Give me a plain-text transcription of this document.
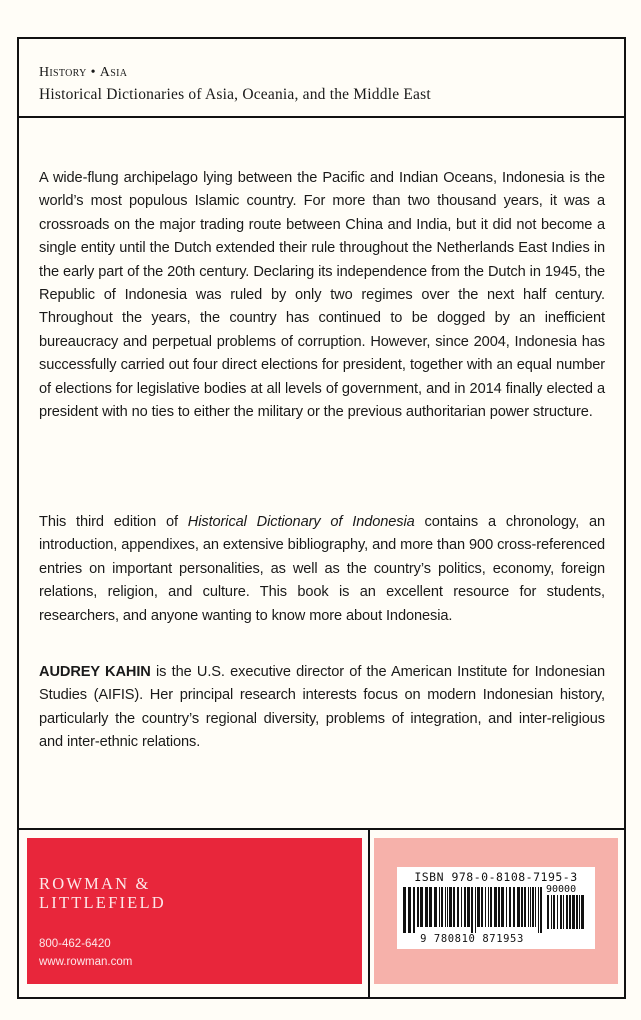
History • Asia
Historical Dictionaries of Asia, Oceania, and the Middle East
A wide-flung archipelago lying between the Pacific and Indian Oceans, Indonesia is the world’s most populous Islamic country. For more than two thousand years, it was a crossroads on the major trading route between China and India, but it did not become a single entity until the Dutch extended their rule throughout the Netherlands East Indies in the early part of the 20th century. Declaring its independence from the Dutch in 1945, the Republic of Indonesia was ruled by only two regimes over the next half century. Throughout the years, the country has continued to be dogged by an inefficient bureaucracy and perpetual problems of corruption. However, since 2004, Indonesia has successfully carried out four direct elections for president, together with an equal number of elections for legislative bodies at all levels of government, and in 2014 finally elected a president with no ties to either the military or the previous authoritarian power structure.
This third edition of Historical Dictionary of Indonesia contains a chronology, an introduction, appendixes, an extensive bibliography, and more than 900 cross-referenced entries on important personalities, as well as the country’s politics, economy, foreign relations, religion, and culture. This book is an excellent resource for students, researchers, and anyone wanting to know more about Indonesia.
AUDREY KAHIN is the U.S. executive director of the American Institute for Indonesian Studies (AIFIS). Her principal research interests focus on modern Indonesian history, particularly the country’s regional diversity, problems of integration, and inter-religious and inter-ethnic relations.
ROWMAN &
LITTLEFIELD
800-462-6420
www.rowman.com
ISBN 978-0-8108-7195-3
90000
9 780810 871953
